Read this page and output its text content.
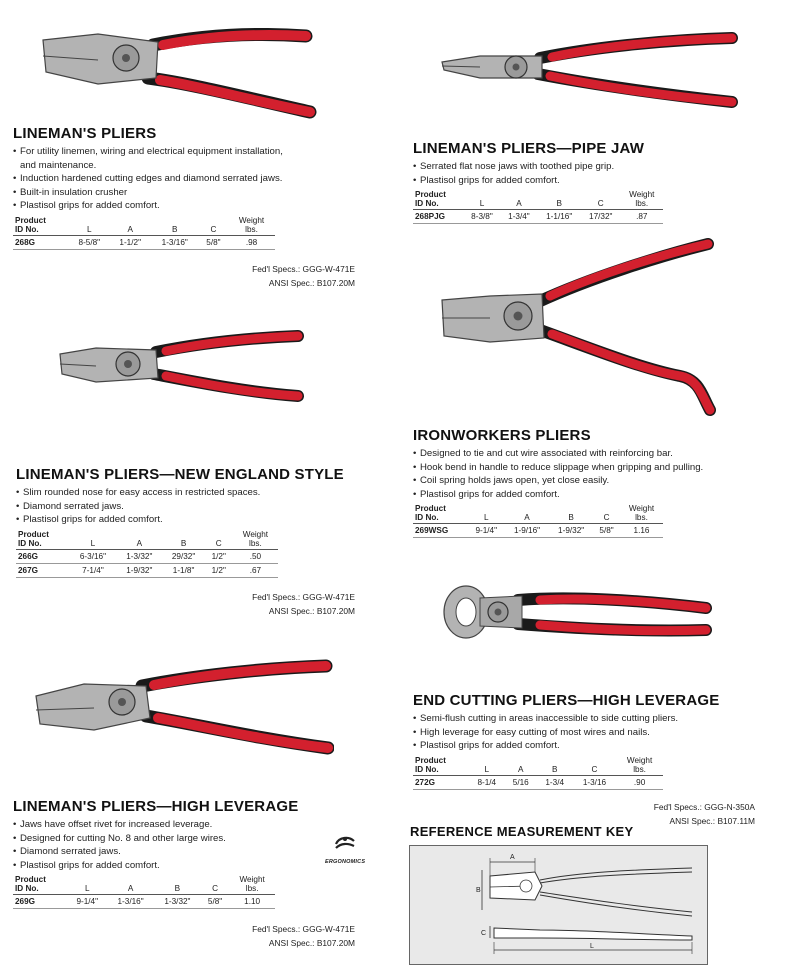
LINEMAN'S PLIERS
• For utility linemen, wiring and electrical equipment installation,
and maintenance.
• Induction hardened cutting edges and diamond serrated jaws.
• Built-in insulation crusher
• Plastisol grips for added comfort.
Product
ID No.	L	A	B	C	Weight
lbs.
268G	8-5/8"	1-1/2"	1-3/16"	5/8"	.98
Fed'l Specs.: GGG-W-471E
ANSI Spec.: B107.20M
LINEMAN'S PLIERS—NEW ENGLAND STYLE
• Slim rounded nose for easy access in restricted spaces.
• Diamond serrated jaws.
• Plastisol grips for added comfort.
Product
ID No.	L	A	B	C	Weight
lbs.
266G	6-3/16"	1-3/32"	29/32"	1/2"	.50
267G	7-1/4"	1-9/32"	1-1/8"	1/2"	.67
Fed'l Specs.: GGG-W-471E
ANSI Spec.: B107.20M
LINEMAN'S PLIERS—HIGH LEVERAGE
• Jaws have offset rivet for increased leverage.
• Designed for cutting No. 8 and other large wires.
• Diamond serrated jaws.
• Plastisol grips for added comfort.
Product
ID No.	L	A	B	C	Weight
lbs.
269G	9-1/4"	1-3/16"	1-3/32"	5/8"	1.10
Fed'l Specs.: GGG-W-471E
ANSI Spec.: B107.20M
ERGONOMICS
LINEMAN'S PLIERS—PIPE JAW
• Serrated flat nose jaws with toothed pipe grip.
• Plastisol grips for added comfort.
Product
ID No.	L	A	B	C	Weight
lbs.
268PJG	8-3/8"	1-3/4"	1-1/16"	17/32"	.87
IRONWORKERS PLIERS
• Designed to tie and cut wire associated with reinforcing bar.
• Hook bend in handle to reduce slippage when gripping and pulling.
• Coil spring holds jaws open, yet close easily.
• Plastisol grips for added comfort.
Product
ID No.	L	A	B	C	Weight
lbs.
269WSG	9-1/4"	1-9/16"	1-9/32"	5/8"	1.16
END CUTTING PLIERS—HIGH LEVERAGE
• Semi-flush cutting in areas inaccessible to side cutting pliers.
• High leverage for easy cutting of most wires and nails.
• Plastisol grips for added comfort.
Product
ID No.	L	A	B	C	Weight
lbs.
272G	8-1/4	5/16	1-3/4	1-3/16	.90
Fed'l Specs.: GGG-N-350A
ANSI Spec.: B107.11M
REFERENCE MEASUREMENT KEY
A
B
C
L
